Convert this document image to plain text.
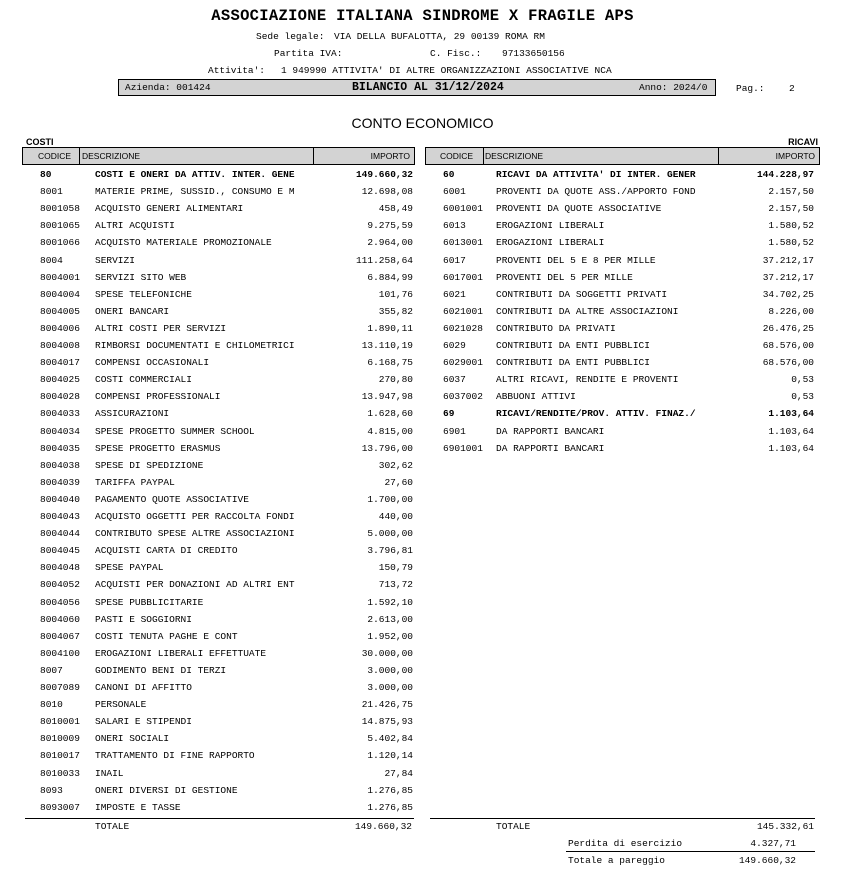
ASSOCIAZIONE ITALIANA SINDROME X FRAGILE APS
Sede legale: VIA DELLA BUFALOTTA, 29 00139 ROMA RM
Partita IVA:	C. Fisc.: 97133650156
Attivita': 1 949990 ATTIVITA' DI ALTRE ORGANIZZAZIONI ASSOCIATIVE NCA
Azienda: 001424	BILANCIO AL 31/12/2024	Anno: 2024/0	Pag.:	2
CONTO ECONOMICO
COSTI	RICAVI
CODICE DESCRIZIONE	IMPORTO	CODICE DESCRIZIONE	IMPORTO
80	COSTI E ONERI DA ATTIV. INTER. GENE	149.660,32
8001	MATERIE PRIME, SUSSID., CONSUMO E M	12.698,08
8001058 ACQUISTO GENERI ALIMENTARI	458,49
8001065 ALTRI ACQUISTI	9.275,59
8001066 ACQUISTO MATERIALE PROMOZIONALE	2.964,00
8004	SERVIZI	111.258,64
8004001 SERVIZI SITO WEB	6.884,99
8004004 SPESE TELEFONICHE	101,76
8004005 ONERI BANCARI	355,82
8004006 ALTRI COSTI PER SERVIZI	1.890,11
8004008 RIMBORSI DOCUMENTATI E CHILOMETRICI	13.110,19
8004017 COMPENSI OCCASIONALI	6.168,75
8004025 COSTI COMMERCIALI	270,80
8004028 COMPENSI PROFESSIONALI	13.947,98
8004033 ASSICURAZIONI	1.628,60
8004034 SPESE PROGETTO SUMMER SCHOOL	4.815,00
8004035 SPESE PROGETTO ERASMUS	13.796,00
8004038 SPESE DI SPEDIZIONE	302,62
8004039 TARIFFA PAYPAL	27,60
8004040 PAGAMENTO QUOTE ASSOCIATIVE	1.700,00
8004043 ACQUISTO OGGETTI PER RACCOLTA FONDI	440,00
8004044 CONTRIBUTO SPESE ALTRE ASSOCIAZIONI	5.000,00
8004045 ACQUISTI CARTA DI CREDITO	3.796,81
8004048 SPESE PAYPAL	150,79
8004052 ACQUISTI PER DONAZIONI AD ALTRI ENT	713,72
8004056 SPESE PUBBLICITARIE	1.592,10
8004060 PASTI E SOGGIORNI	2.613,00
8004067 COSTI TENUTA PAGHE E CONT	1.952,00
8004100 EROGAZIONI LIBERALI EFFETTUATE	30.000,00
8007	GODIMENTO BENI DI TERZI	3.000,00
8007089 CANONI DI AFFITTO	3.000,00
8010	PERSONALE	21.426,75
8010001 SALARI E STIPENDI	14.875,93
8010009 ONERI SOCIALI	5.402,84
8010017 TRATTAMENTO DI FINE RAPPORTO	1.120,14
8010033 INAIL	27,84
8093	ONERI DIVERSI DI GESTIONE	1.276,85
8093007 IMPOSTE E TASSE	1.276,85
60	RICAVI DA ATTIVITA' DI INTER. GENER	144.228,97
6001	PROVENTI DA QUOTE ASS./APPORTO FOND	2.157,50
6001001 PROVENTI DA QUOTE ASSOCIATIVE	2.157,50
6013	EROGAZIONI LIBERALI	1.580,52
6013001 EROGAZIONI LIBERALI	1.580,52
6017	PROVENTI DEL 5 E 8 PER MILLE	37.212,17
6017001 PROVENTI DEL 5 PER MILLE	37.212,17
6021	CONTRIBUTI DA SOGGETTI PRIVATI	34.702,25
6021001 CONTRIBUTI DA ALTRE ASSOCIAZIONI	8.226,00
6021028 CONTRIBUTO DA PRIVATI	26.476,25
6029	CONTRIBUTI DA ENTI PUBBLICI	68.576,00
6029001 CONTRIBUTI DA ENTI PUBBLICI	68.576,00
6037	ALTRI RICAVI, RENDITE E PROVENTI	0,53
6037002 ABBUONI ATTIVI	0,53
69	RICAVI/RENDITE/PROV. ATTIV. FINAZ./	1.103,64
6901	DA RAPPORTI BANCARI	1.103,64
6901001 DA RAPPORTI BANCARI	1.103,64
TOTALE	149.660,32	TOTALE	145.332,61
Perdita di esercizio	4.327,71
Totale a pareggio	149.660,32
